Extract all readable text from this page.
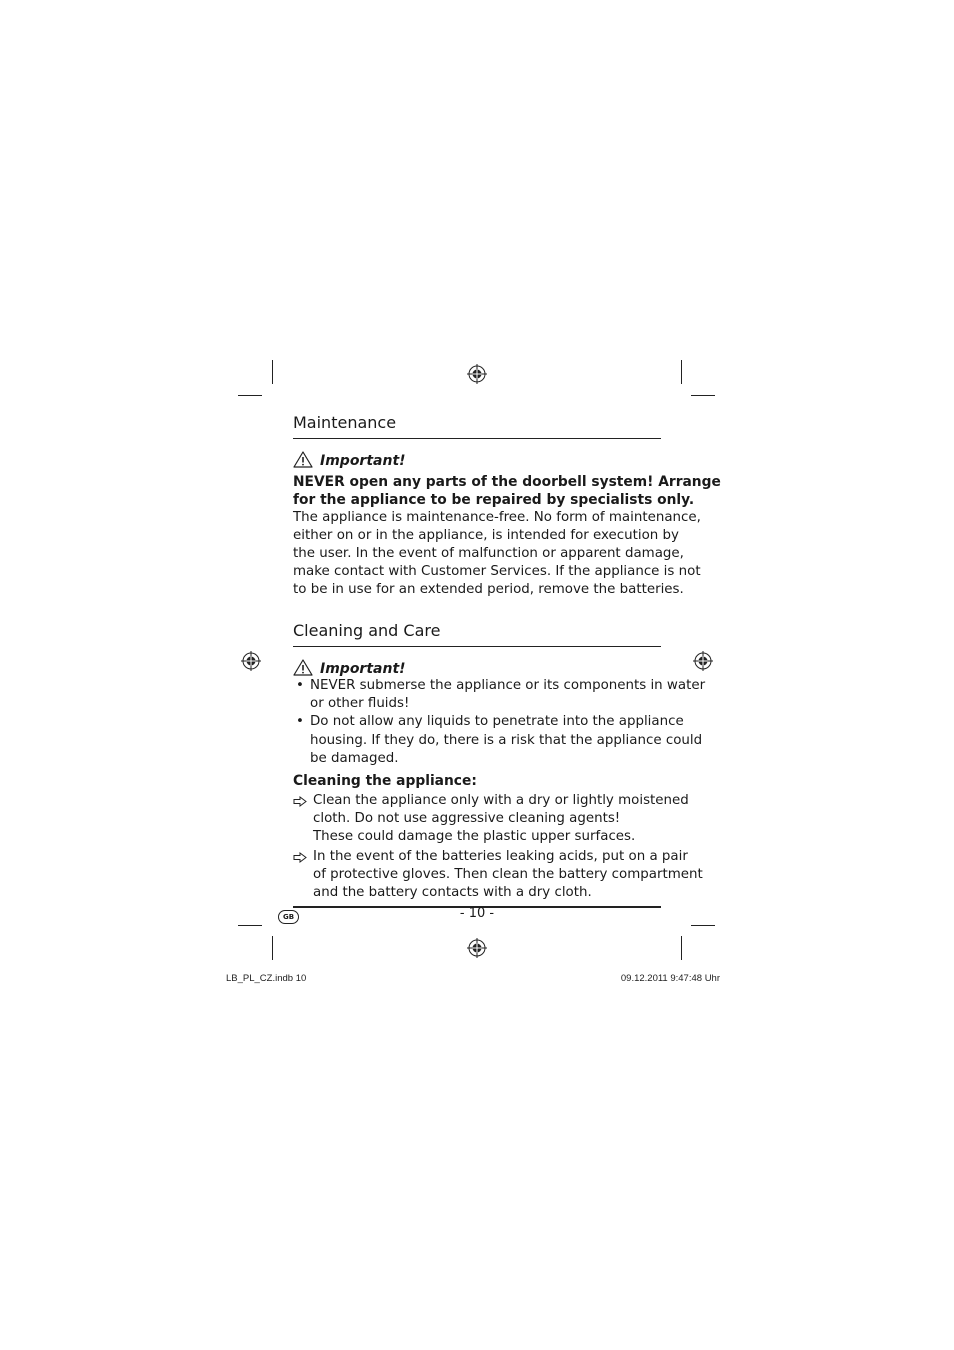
Maintenance
Important!
NEVER open any parts of the doorbell system! Arrange
for the appliance to be repaired by specialists only.
The appliance is maintenance-free. No form of maintenance,
either on or in the appliance, is intended for execution by
the user. In the event of malfunction or apparent damage,
make contact with Customer Services. If the appliance is not
to be in use for an extended period, remove the batteries.
Cleaning and Care
Important!
• NEVER submerse the appliance or its components in water
or other fluids!
• Do not allow any liquids to penetrate into the appliance
housing. If they do, there is a risk that the appliance could
be damaged.
Cleaning the appliance:
Clean the appliance only with a dry or lightly moistened
cloth. Do not use aggressive cleaning agents!
These could damage the plastic upper surfaces.
In the event of the batteries leaking acids, put on a pair
of protective gloves. Then clean the battery compartment
and the battery contacts with a dry cloth.
GB	- 10 -
LB_PL_CZ.indb 10	09.12.2011 9:47:48 Uhr
